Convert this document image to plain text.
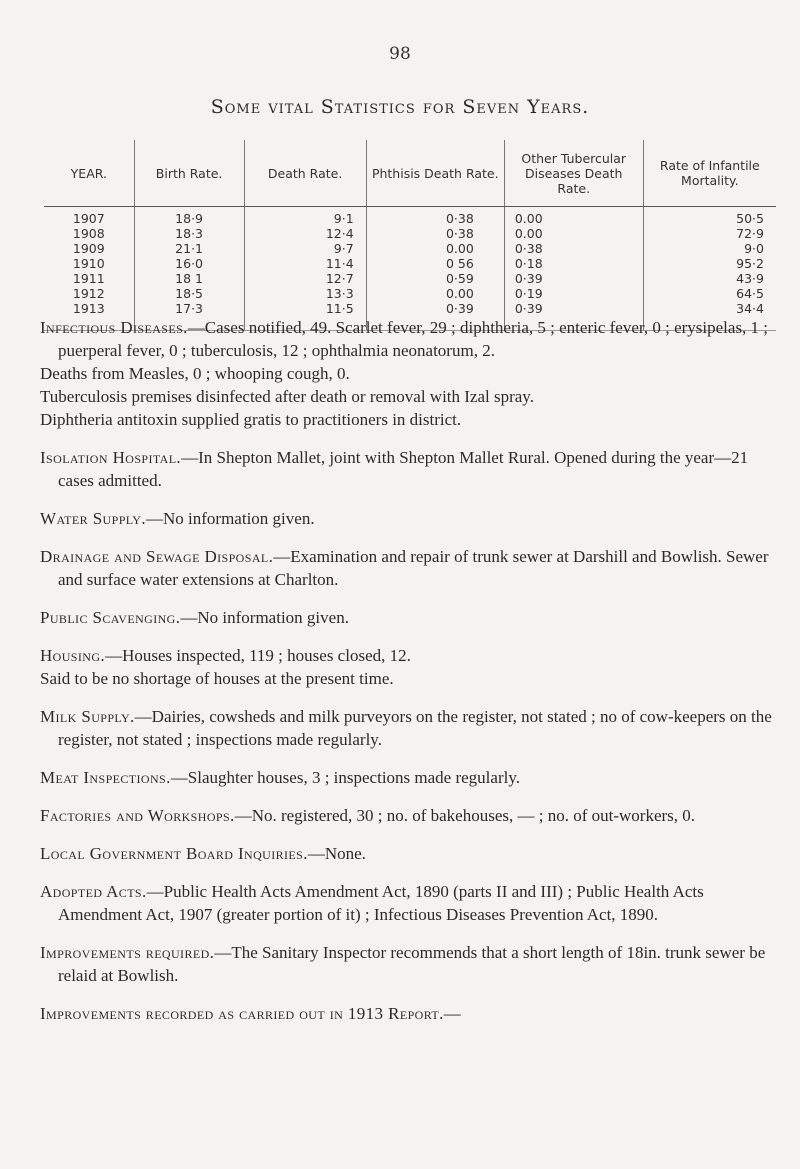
98
Some vital Statistics for Seven Years.
YEAR.	Birth Rate.	Death Rate.	Phthisis Death Rate.	Other Tubercular Diseases Death Rate.	Rate of Infantile Mortality.
1907	18·9	9·1	0·38	0.00	50·5
1908	18·3	12·4	0·38	0.00	72·9
1909	21·1	9·7	0.00	0·38	9·0
1910	16·0	11·4	0 56	0·18	95·2
1911	18 1	12·7	0·59	0·39	43·9
1912	18·5	13·3	0.00	0·19	64·5
1913	17·3	11·5	0·39	0·39	34·4

Infectious Diseases.—Cases notified, 49. Scarlet fever, 29 ; diphtheria, 5 ; enteric fever, 0 ; erysipelas, 1 ; puerperal fever, 0 ; tuberculosis, 12 ; ophthalmia neonatorum, 2.

Deaths from Measles, 0 ; whooping cough, 0.

Tuberculosis premises disinfected after death or removal with Izal spray.

Diphtheria antitoxin supplied gratis to practitioners in district.

Isolation Hospital.—In Shepton Mallet, joint with Shepton Mallet Rural. Opened during the year—21 cases admitted.

Water Supply.—No information given.

Drainage and Sewage Disposal.—Examination and repair of trunk sewer at Darshill and Bowlish. Sewer and surface water extensions at Charlton.

Public Scavenging.—No information given.

Housing.—Houses inspected, 119 ; houses closed, 12.

Said to be no shortage of houses at the present time.

Milk Supply.—Dairies, cowsheds and milk purveyors on the register, not stated ; no of cow-keepers on the register, not stated ; inspections made regularly.

Meat Inspections.—Slaughter houses, 3 ; inspections made regularly.

Factories and Workshops.—No. registered, 30 ; no. of bakehouses, — ; no. of out-workers, 0.

Local Government Board Inquiries.—None.

Adopted Acts.—Public Health Acts Amendment Act, 1890 (parts II and III) ; Public Health Acts Amendment Act, 1907 (greater portion of it) ; Infectious Diseases Prevention Act, 1890.

Improvements required.—The Sanitary Inspector recommends that a short length of 18in. trunk sewer be relaid at Bowlish.

Improvements recorded as carried out in 1913 Report.—
